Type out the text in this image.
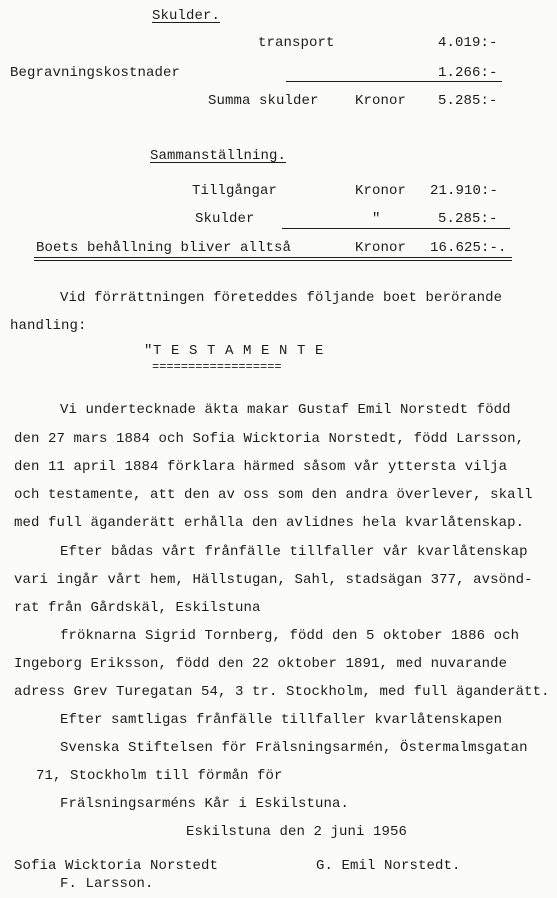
Skulder.
transport	4.019:-
Begravningskostnader	1.266:-
Summa skulder	Kronor 5.285:-
Sammanställning.
Tillgångar	Kronor 21.910:-
Skulder	"	5.285:-
Boets behållning bliver alltså	Kronor 16.625:-.
Vid förrättningen företeddes följande boet berörande
handling:
"T E S T A M E N T E
==================
Vi undertecknade äkta makar Gustaf Emil Norstedt född
den 27 mars 1884 och Sofia Wicktoria Norstedt, född Larsson,
den 11 april 1884 förklara härmed såsom vår yttersta vilja
och testamente, att den av oss som den andra överlever, skall
med full äganderätt erhålla den avlidnes hela kvarlåtenskap.
Efter bådas vårt frånfälle tillfaller vår kvarlåtenskap
vari ingår vårt hem, Hällstugan, Sahl, stadsägan 377, avsönd-
rat från Gårdskäl, Eskilstuna
fröknarna Sigrid Tornberg, född den 5 oktober 1886 och
Ingeborg Eriksson, född den 22 oktober 1891, med nuvarande
adress Grev Turegatan 54, 3 tr. Stockholm, med full äganderätt.
Efter samtligas frånfälle tillfaller kvarlåtenskapen
Svenska Stiftelsen för Frälsningsarmén, Östermalmsgatan
71, Stockholm till förmån för
Frälsningsarméns Kår i Eskilstuna.
Eskilstuna den 2 juni 1956
Sofia Wicktoria Norstedt
F. Larsson.
G. Emil Norstedt.
